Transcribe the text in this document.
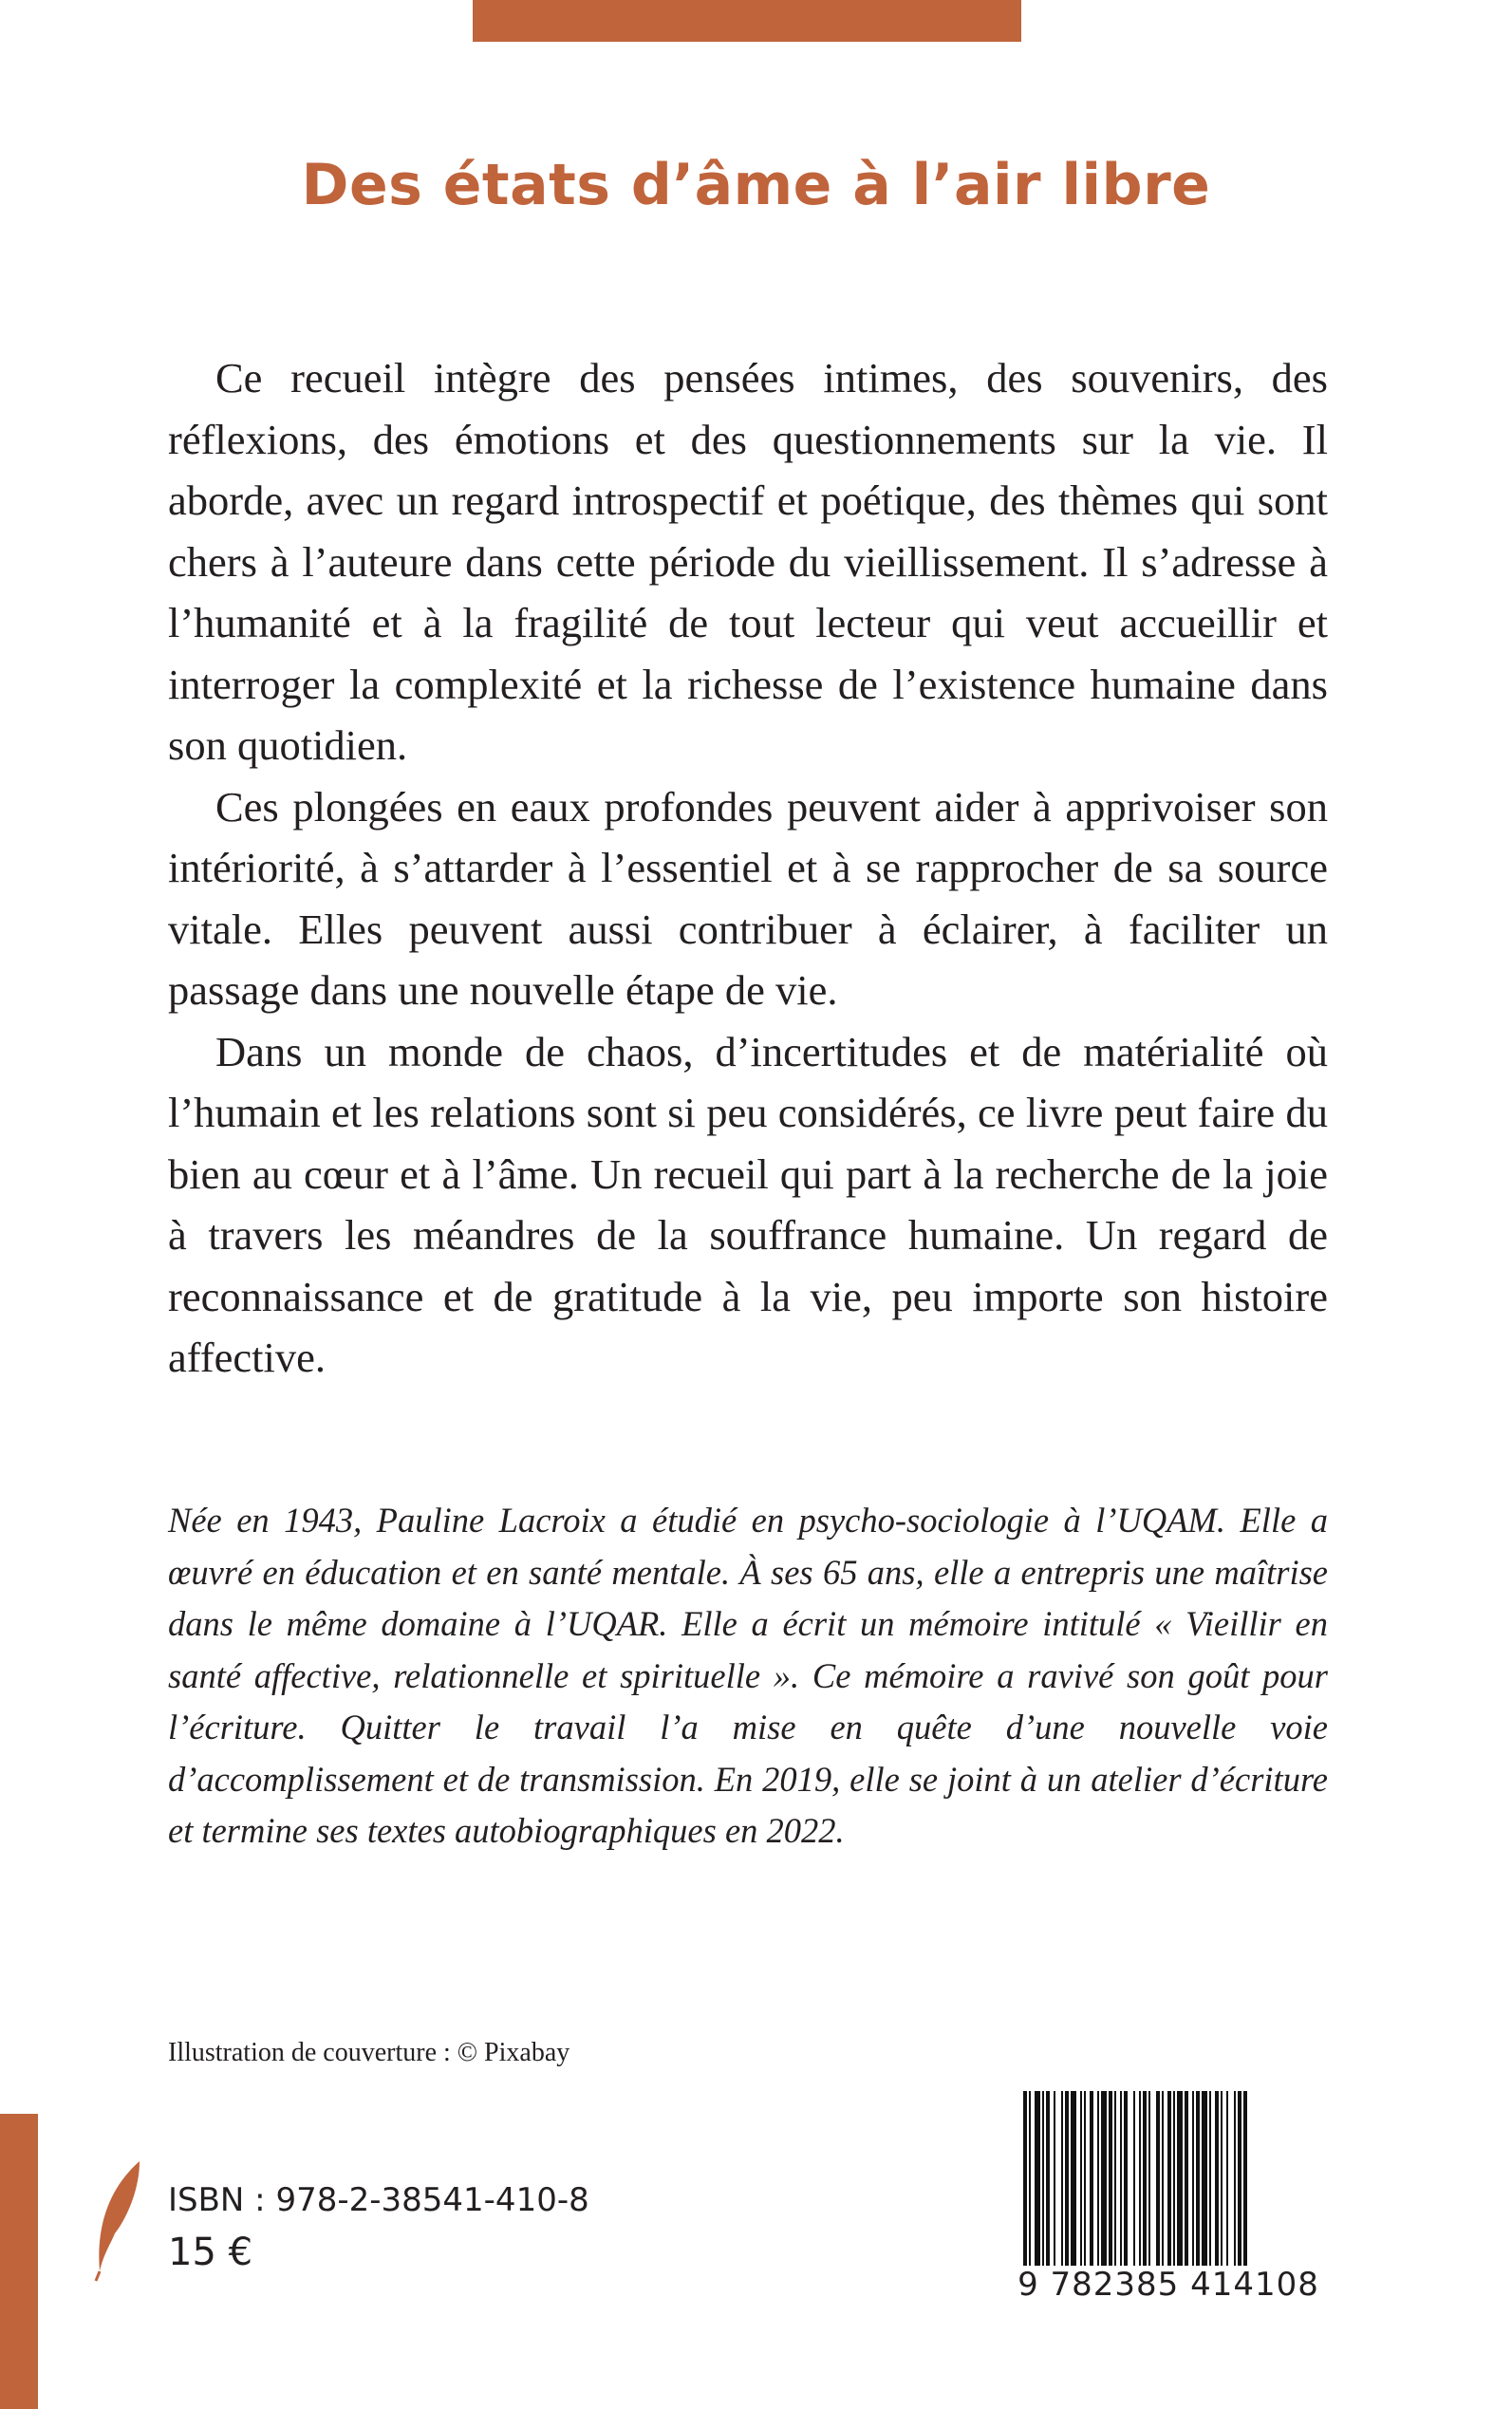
Des états d’âme à l’air libre

Ce recueil intègre des pensées intimes, des souvenirs, des réflexions, des émotions et des questionnements sur la vie. Il aborde, avec un regard introspectif et poétique, des thèmes qui sont chers à l’auteure dans cette période du vieillissement. Il s’adresse à l’humanité et à la fragilité de tout lecteur qui veut accueillir et interroger la complexité et la richesse de l’existence humaine dans son quotidien.

Ces plongées en eaux profondes peuvent aider à apprivoiser son intériorité, à s’attarder à l’essentiel et à se rapprocher de sa source vitale. Elles peuvent aussi contribuer à éclairer, à faciliter un passage dans une nouvelle étape de vie.

Dans un monde de chaos, d’incertitudes et de matérialité où l’humain et les relations sont si peu considérés, ce livre peut faire du bien au cœur et à l’âme. Un recueil qui part à la recherche de la joie à travers les méandres de la souffrance humaine. Un regard de reconnaissance et de gratitude à la vie, peu importe son histoire affective.

Née en 1943, Pauline Lacroix a étudié en psycho-sociologie à l’UQAM. Elle a œuvré en éducation et en santé mentale. À ses 65 ans, elle a entrepris une maîtrise dans le même domaine à l’UQAR. Elle a écrit un mémoire intitulé « Vieillir en santé affective, relationnelle et spirituelle ». Ce mémoire a ravivé son goût pour l’écriture. Quitter le travail l’a mise en quête d’une nouvelle voie d’accomplissement et de transmission. En 2019, elle se joint à un atelier d’écriture et termine ses textes autobiographiques en 2022.

Illustration de couverture : © Pixabay
ISBN : 978-2-38541-410-8
15 €
9 782385 414108
